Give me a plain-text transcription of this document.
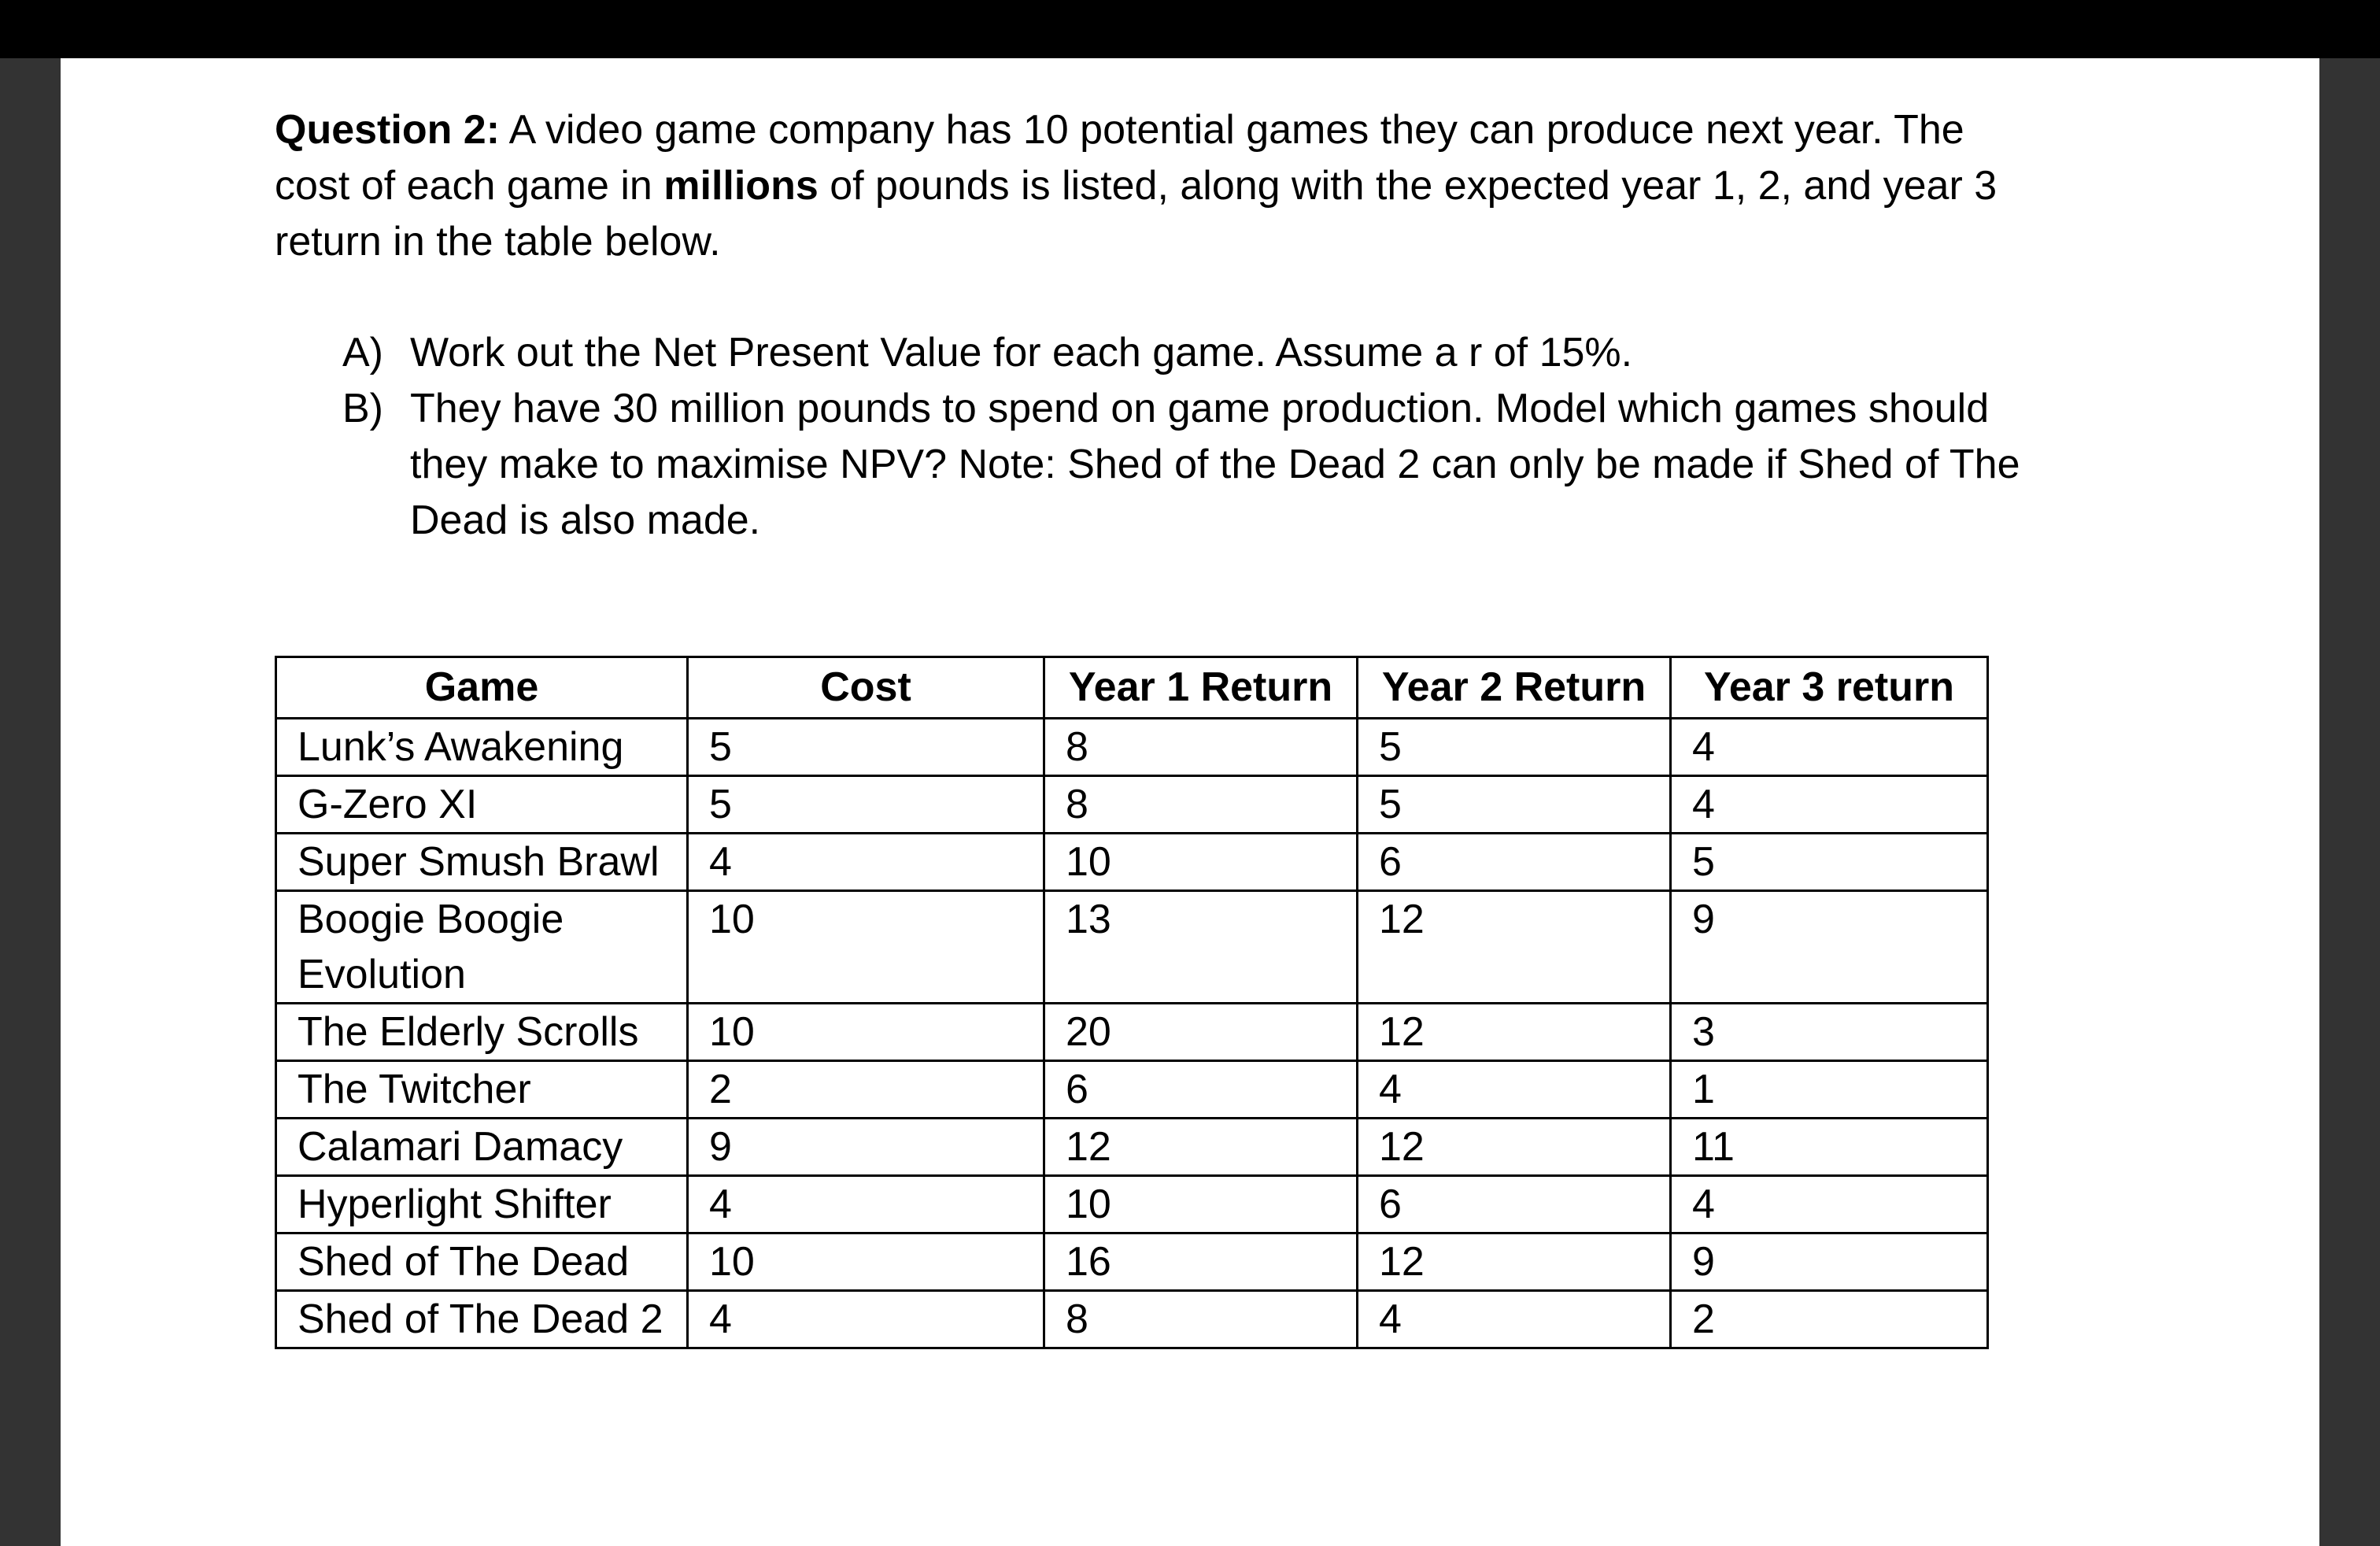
Question 2: A video game company has 10 potential games they can produce next year. The cost of each game in millions of pounds is listed, along with the expected year 1, 2, and year 3 return in the table below.

A) Work out the Net Present Value for each game. Assume a r of 15%.
B) They have 30 million pounds to spend on game production. Model which games should they make to maximise NPV? Note: Shed of the Dead 2 can only be made if Shed of The Dead is also made.
Game	Cost	Year 1 Return	Year 2 Return	Year 3 return
Lunk’s Awakening	5	8	5	4
G-Zero XI	5	8	5	4
Super Smush Brawl	4	10	6	5
Boogie Boogie Evolution	10	13	12	9
The Elderly Scrolls	10	20	12	3
The Twitcher	2	6	4	1
Calamari Damacy	9	12	12	11
Hyperlight Shifter	4	10	6	4
Shed of The Dead	10	16	12	9
Shed of The Dead 2	4	8	4	2
